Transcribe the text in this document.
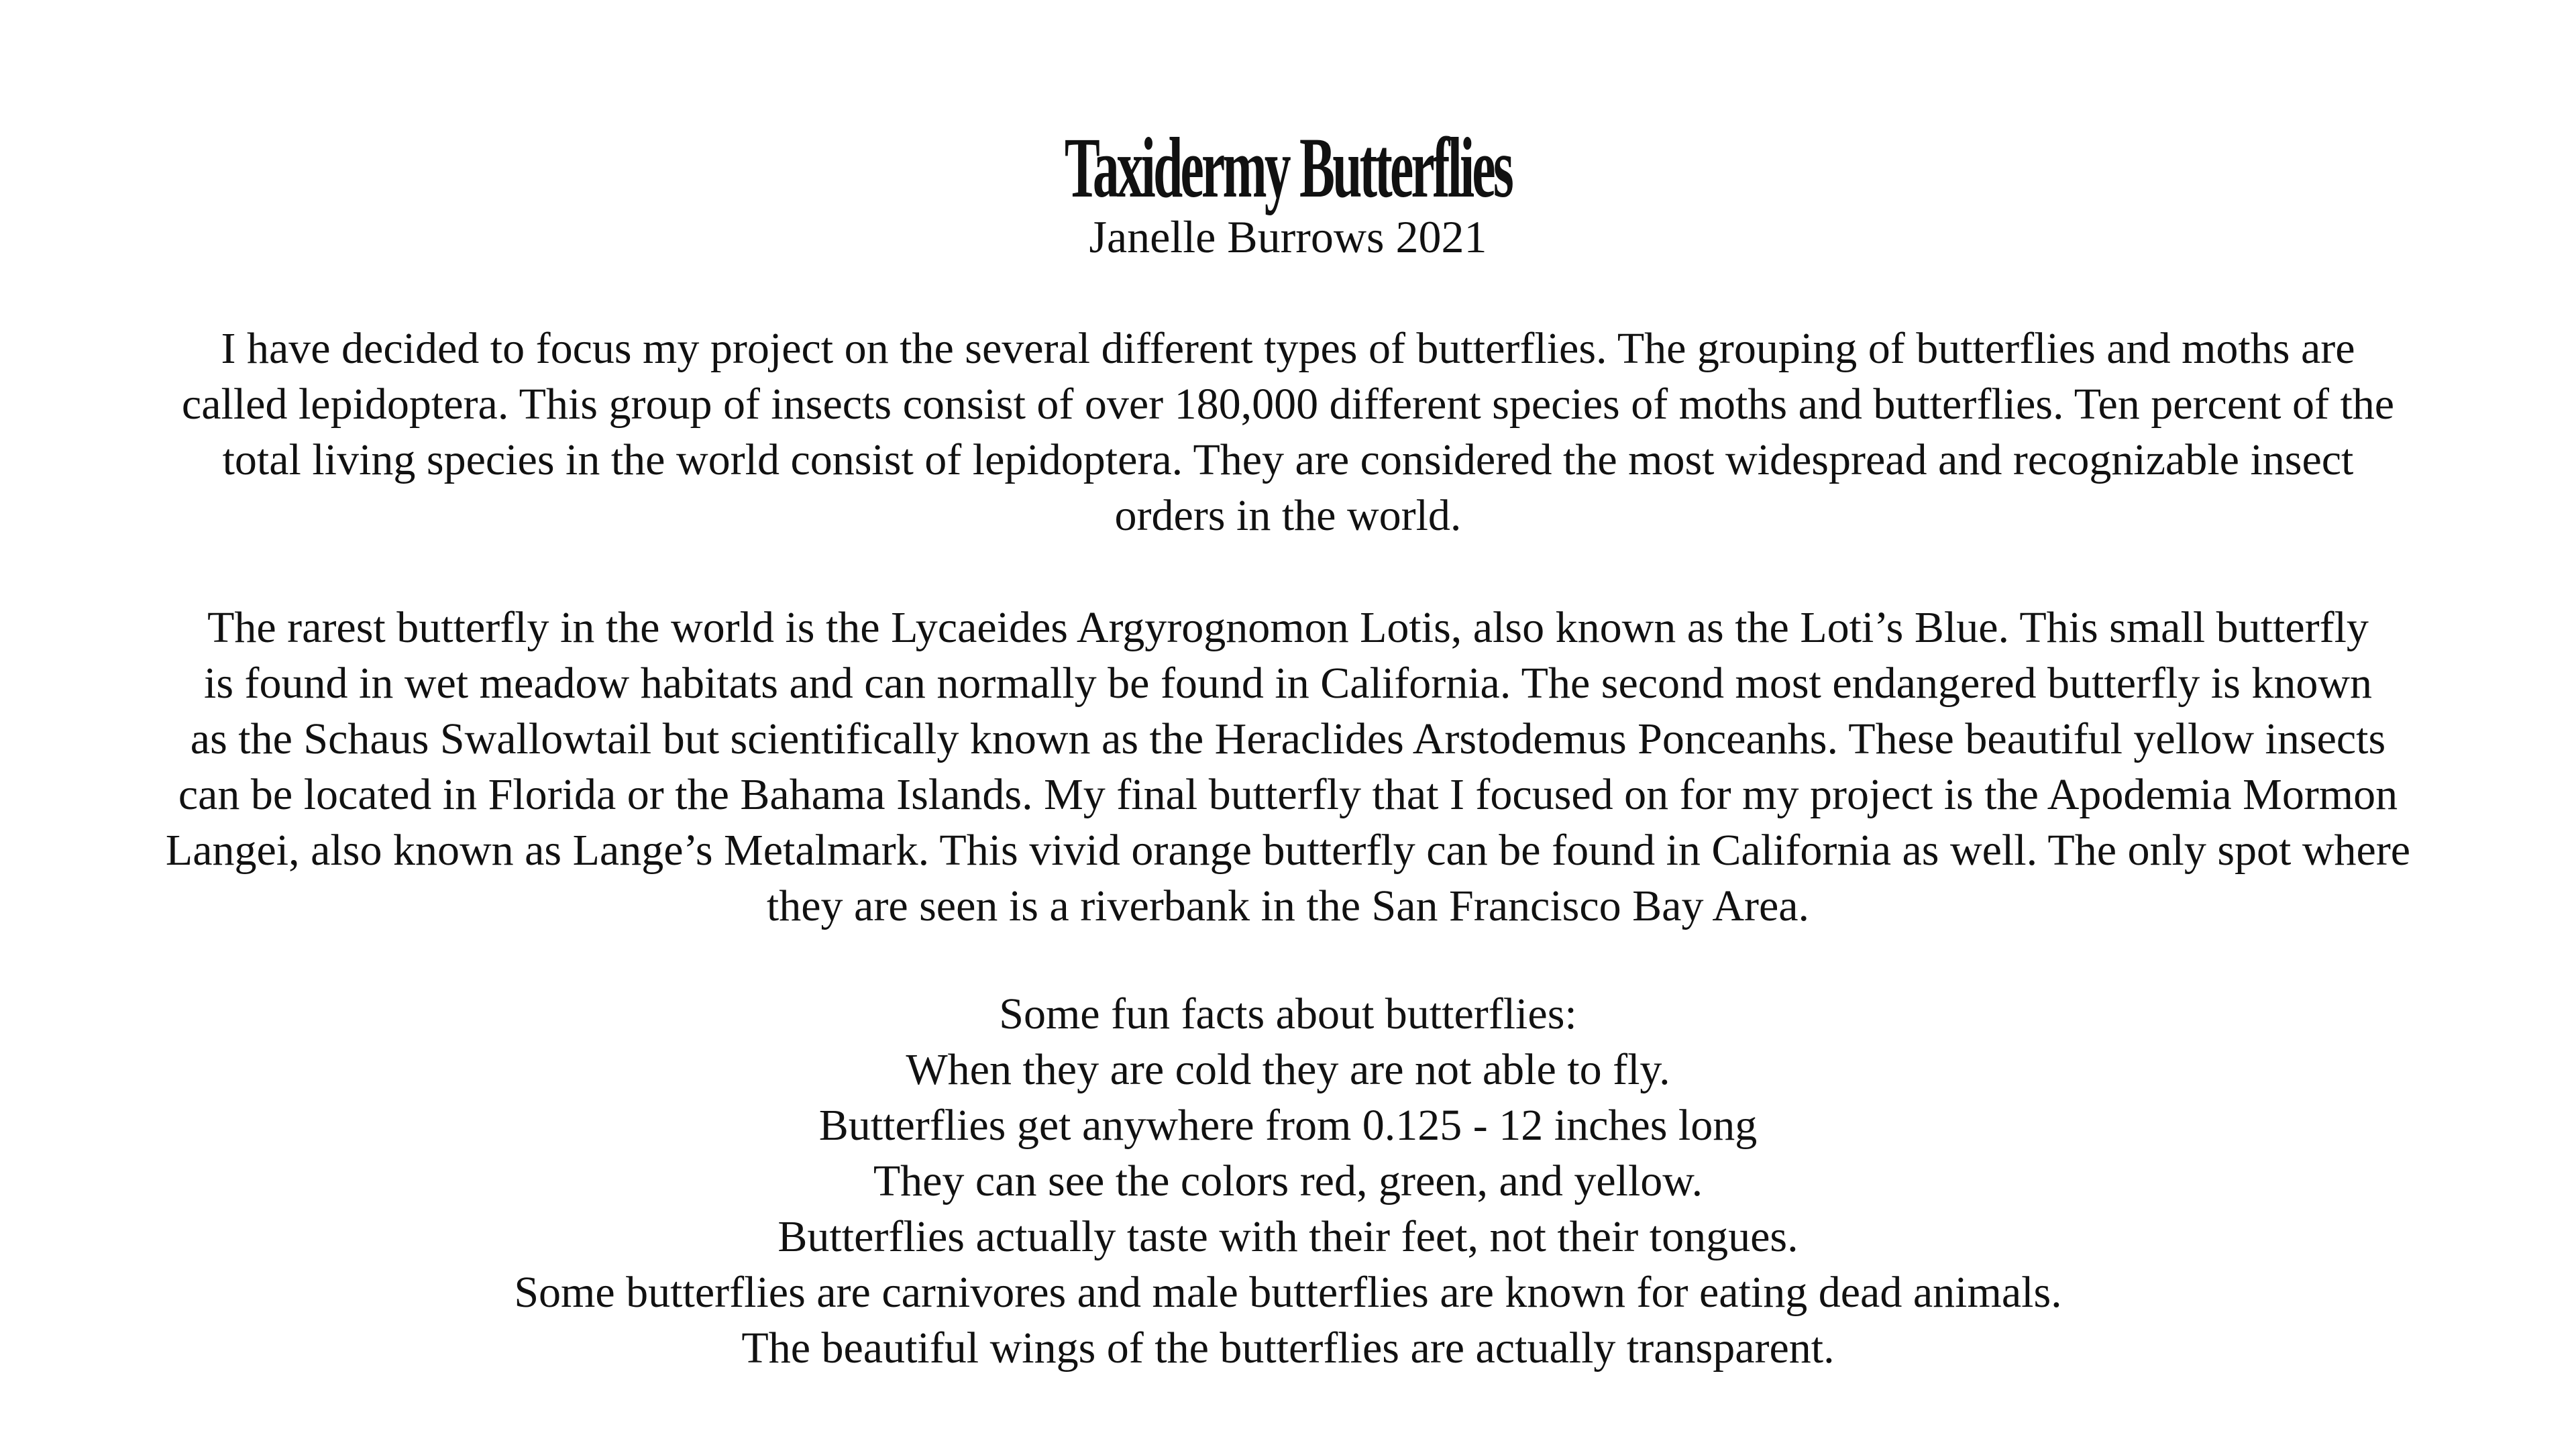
Taxidermy Butterflies

Janelle Burrows 2021

I have decided to focus my project on the several different types of butterflies. The grouping of butterflies and moths are
called lepidoptera. This group of insects consist of over 180,000 different species of moths and butterflies. Ten percent of the
total living species in the world consist of lepidoptera. They are considered the most widespread and recognizable insect
orders in the world.

The rarest butterfly in the world is the Lycaeides Argyrognomon Lotis, also known as the Loti’s Blue. This small butterfly
is found in wet meadow habitats and can normally be found in California. The second most endangered butterfly is known
as the Schaus Swallowtail but scientifically known as the Heraclides Arstodemus Ponceanhs. These beautiful yellow insects
can be located in Florida or the Bahama Islands. My final butterfly that I focused on for my project is the Apodemia Mormon
Langei, also known as Lange’s Metalmark. This vivid orange butterfly can be found in California as well. The only spot where
they are seen is a riverbank in the San Francisco Bay Area.

Some fun facts about butterflies:
When they are cold they are not able to fly.
Butterflies get anywhere from 0.125 - 12 inches long
They can see the colors red, green, and yellow.
Butterflies actually taste with their feet, not their tongues.
Some butterflies are carnivores and male butterflies are known for eating dead animals.
The beautiful wings of the butterflies are actually transparent.
